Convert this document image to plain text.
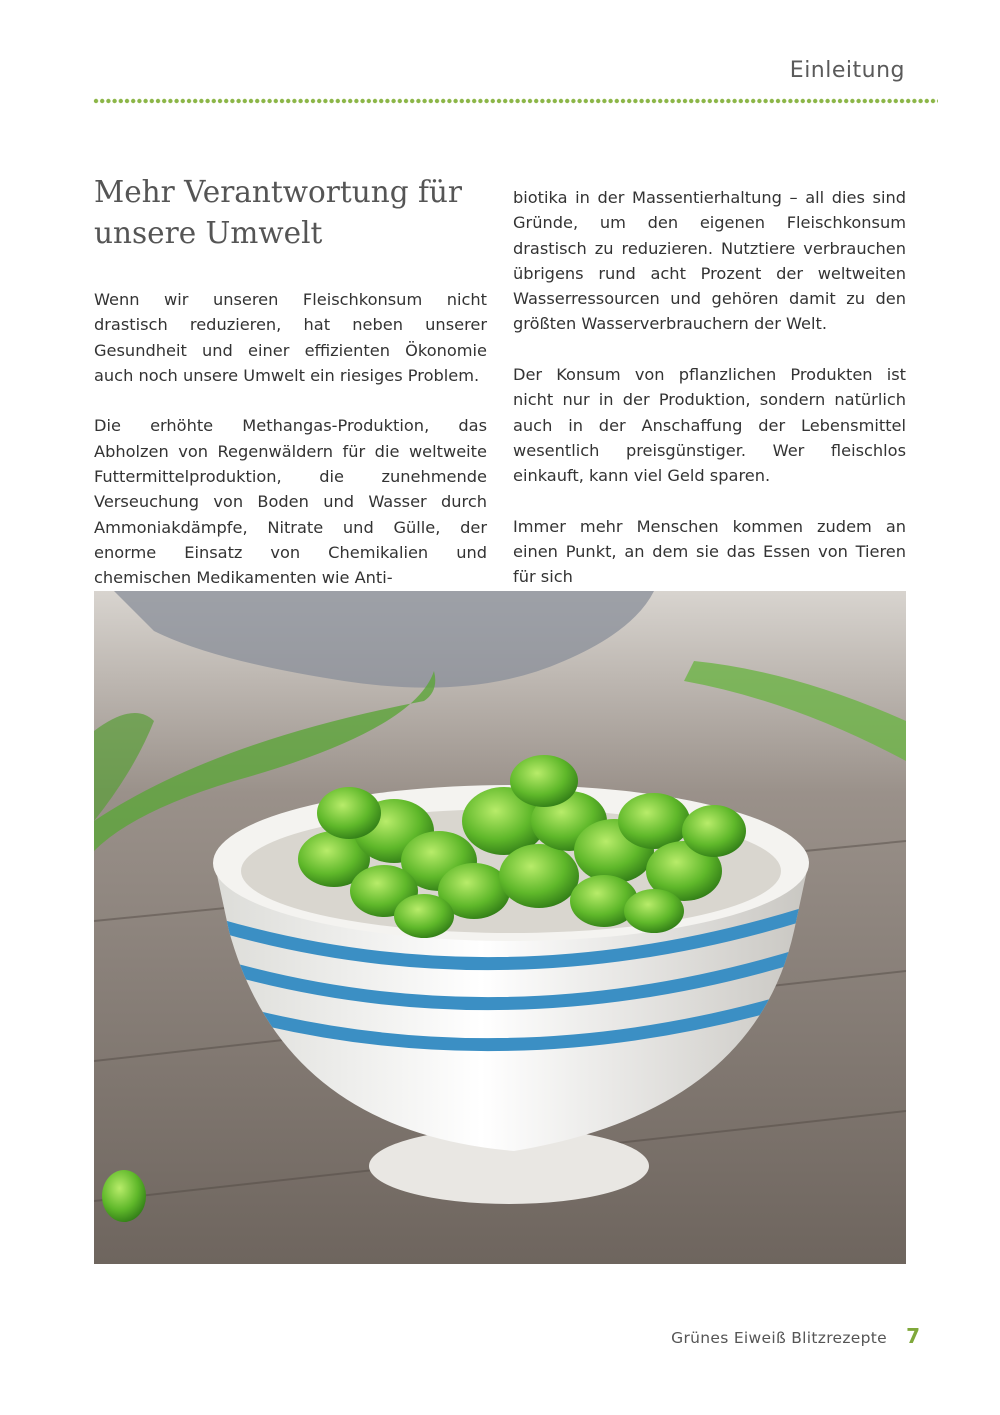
Einleitung
Mehr Verantwortung für unsere Umwelt

Wenn wir unseren Fleischkonsum nicht drastisch reduzieren, hat neben unserer Gesundheit und einer effizienten Ökonomie auch noch unsere Umwelt ein riesiges Problem.

Die erhöhte Methangas-Produktion, das Abholzen von Regenwäldern für die weltweite Futtermittelproduktion, die zunehmende Verseuchung von Boden und Wasser durch Ammoniakdämpfe, Nitrate und Gülle, der enorme Einsatz von Chemikalien und chemischen Medikamenten wie Anti-

biotika in der Massentierhaltung – all dies sind Gründe, um den eigenen Fleischkonsum drastisch zu reduzieren. Nutztiere verbrauchen übrigens rund acht Prozent der weltweiten Wasserressourcen und gehören damit zu den größten Wasserverbrauchern der Welt.

Der Konsum von pflanzlichen Produkten ist nicht nur in der Produktion, sondern natürlich auch in der Anschaffung der Lebensmittel wesentlich preisgünstiger. Wer fleischlos einkauft, kann viel Geld sparen.

Immer mehr Menschen kommen zudem an einen Punkt, an dem sie das Essen von Tieren für sich

Grünes Eiweiß Blitzrezepte 7
